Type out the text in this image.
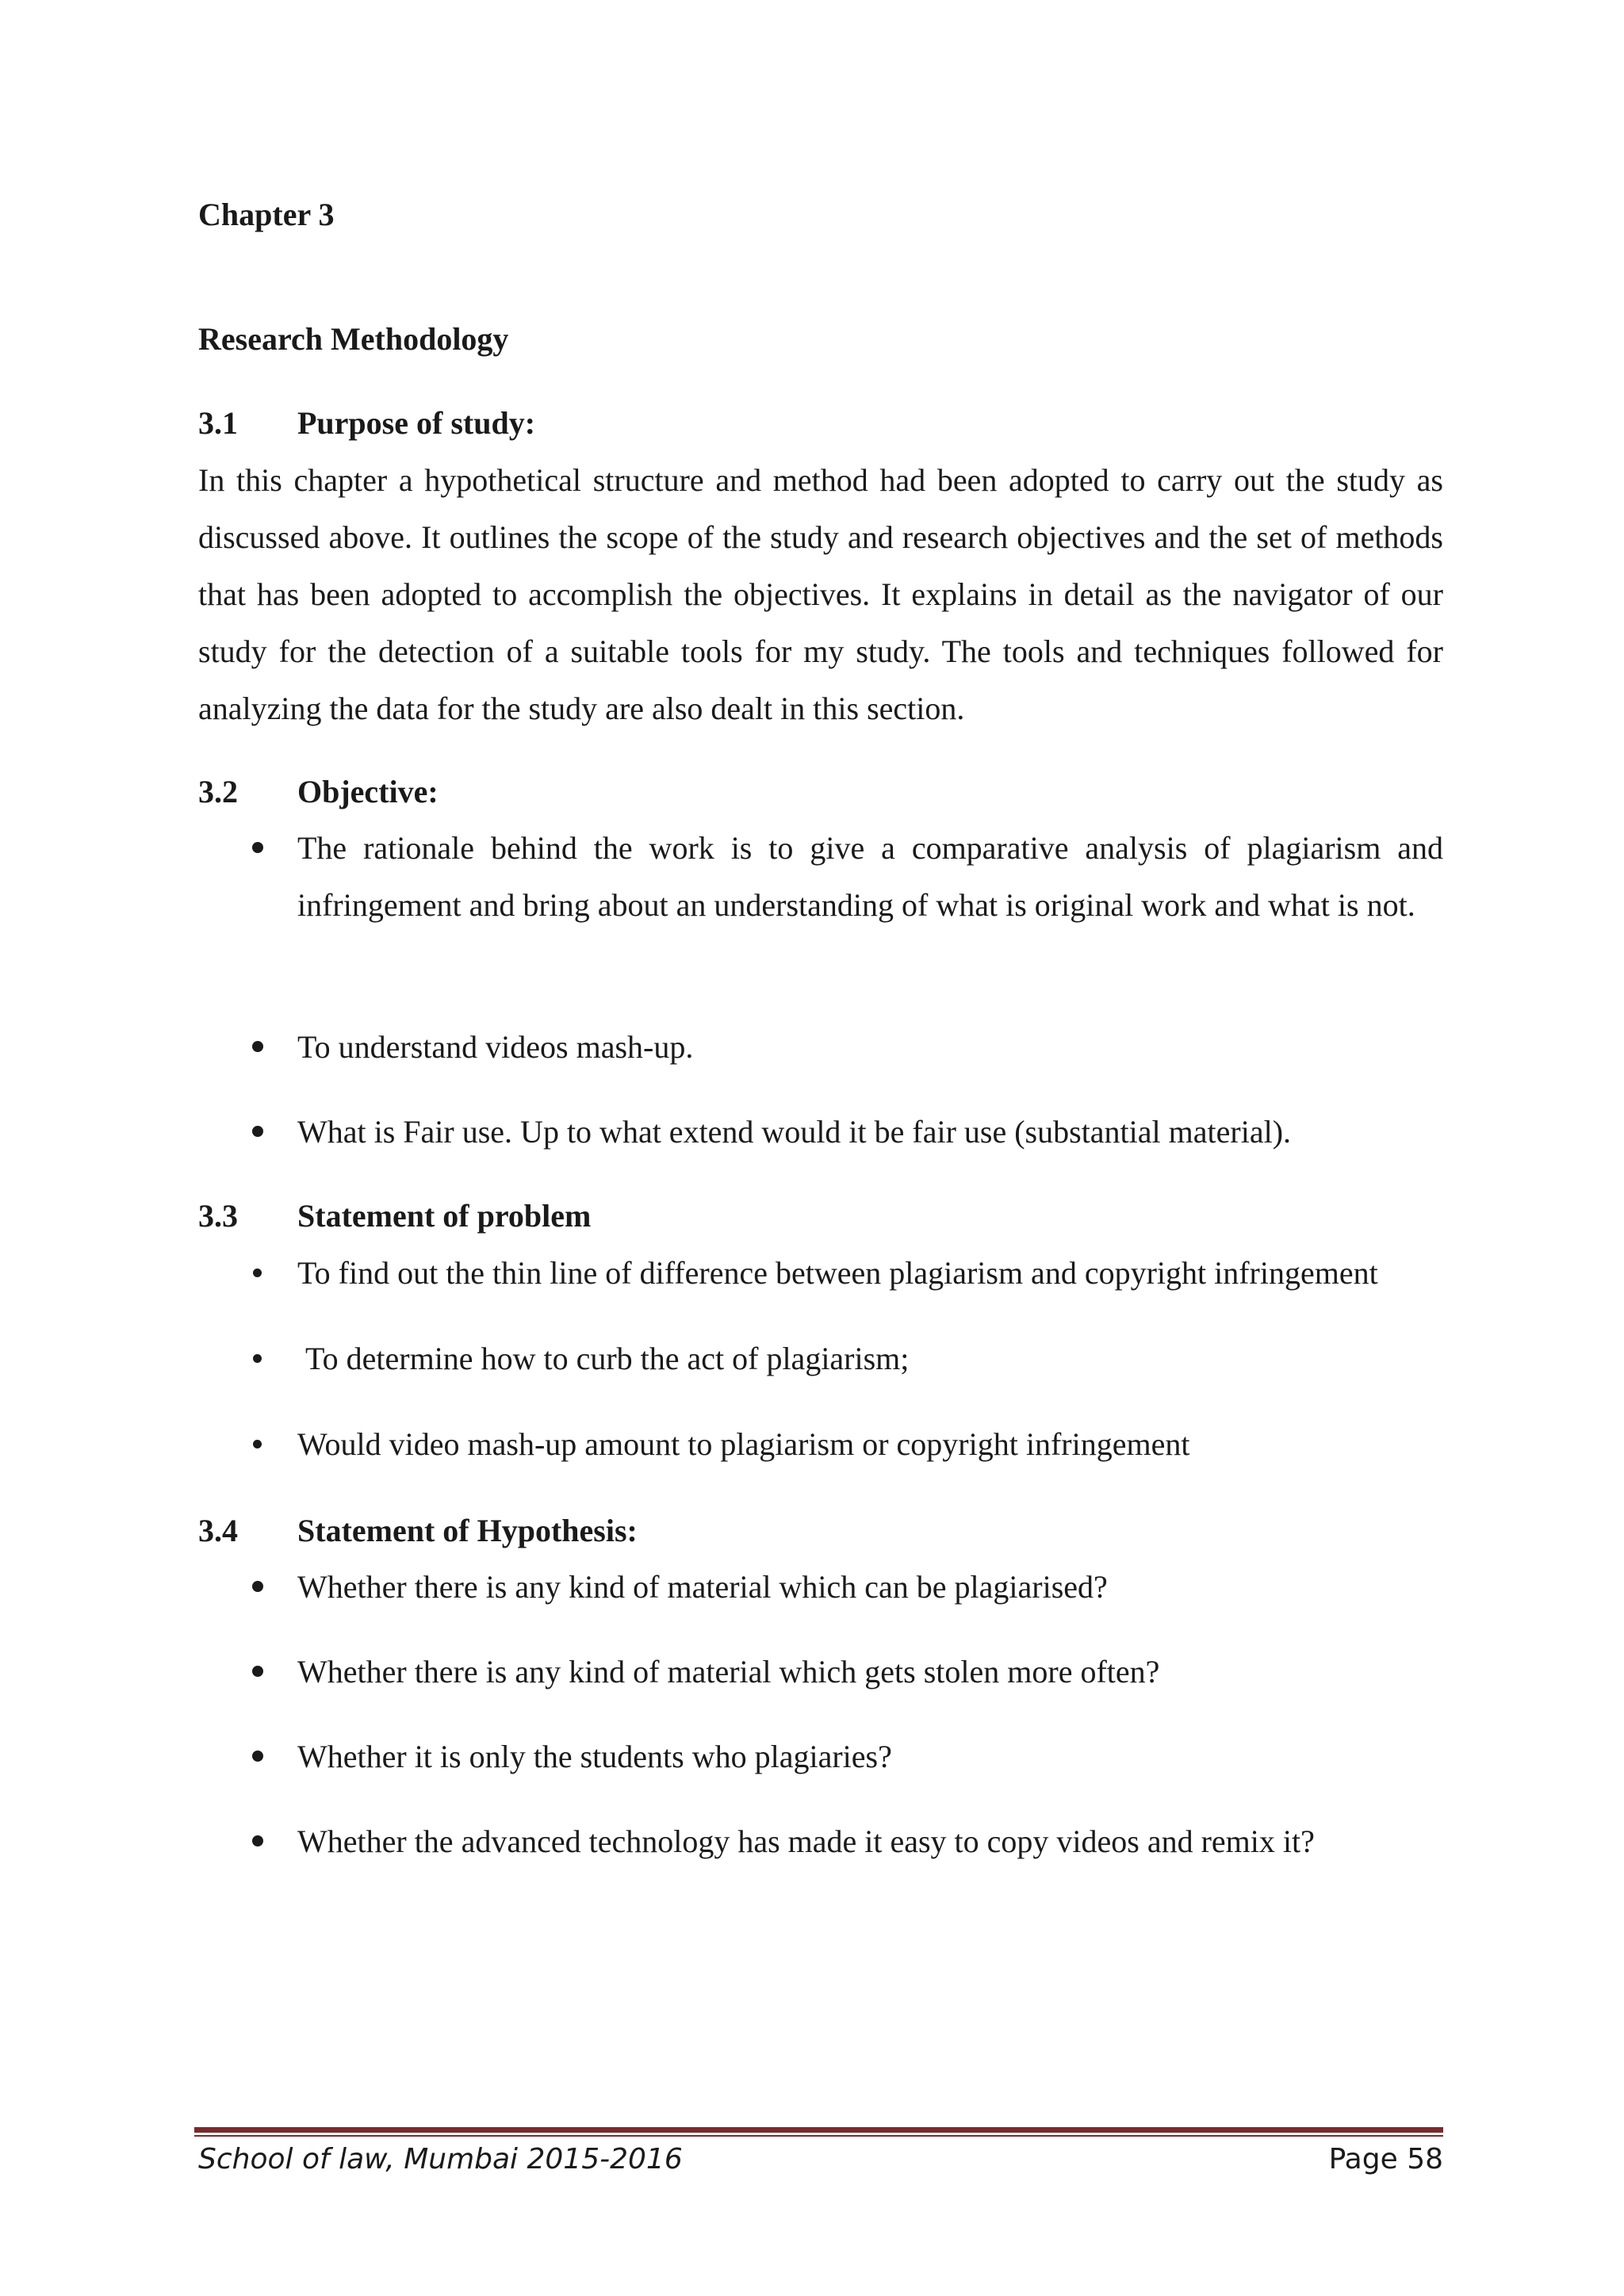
Chapter 3
Research Methodology
3.1 Purpose of study:

In this chapter a hypothetical structure and method had been adopted to carry out the study as discussed above. It outlines the scope of the study and research objectives and the set of methods that has been adopted to accomplish the objectives. It explains in detail as the navigator of our study for the detection of a suitable tools for my study. The tools and techniques followed for analyzing the data for the study are also dealt in this section.

3.2 Objective:
The rationale behind the work is to give a comparative analysis of plagiarism and infringement and bring about an understanding of what is original work and what is not.
To understand videos mash-up.
What is Fair use. Up to what extend would it be fair use (substantial material).
3.3 Statement of problem
To find out the thin line of difference between plagiarism and copyright infringement
To determine how to curb the act of plagiarism;
Would video mash-up amount to plagiarism or copyright infringement
3.4 Statement of Hypothesis:
Whether there is any kind of material which can be plagiarised?
Whether there is any kind of material which gets stolen more often?
Whether it is only the students who plagiaries?
Whether the advanced technology has made it easy to copy videos and remix it?
School of law, Mumbai 2015-2016	Page 58
